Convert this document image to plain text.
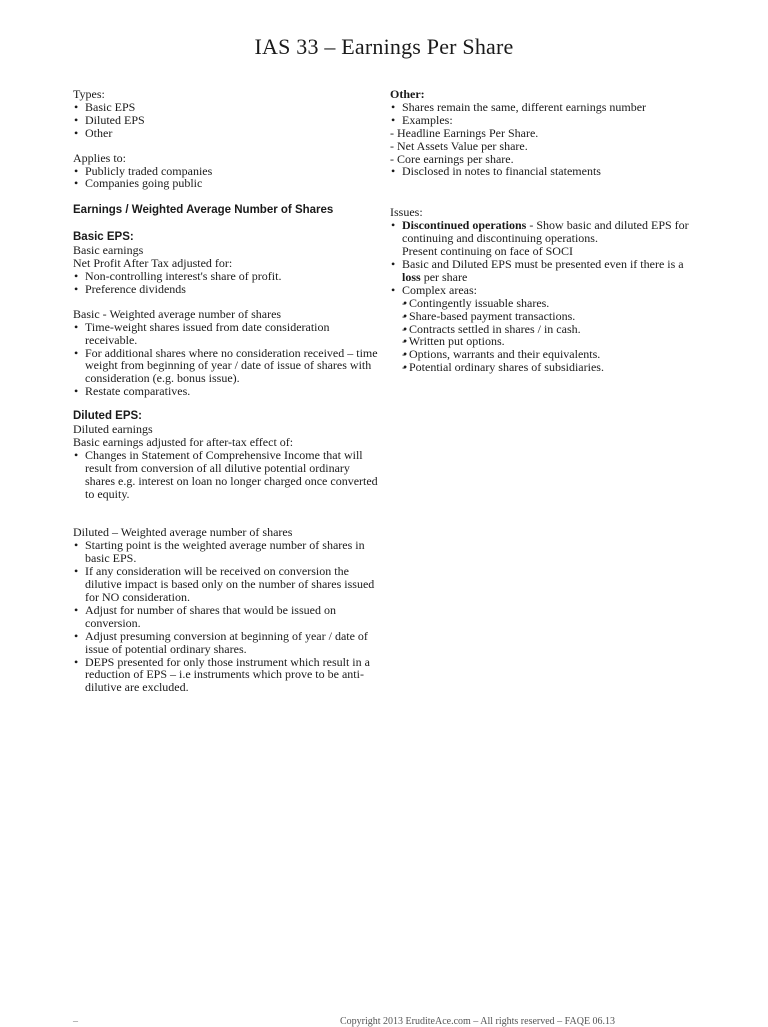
IAS 33 – Earnings Per Share
Types:
• Basic EPS
• Diluted EPS
• Other
Applies to:
• Publicly traded companies
• Companies going public
Earnings / Weighted Average Number of Shares
Basic EPS:
Basic earnings
Net Profit After Tax adjusted for:
• Non-controlling interest's share of profit.
• Preference dividends
Basic - Weighted average number of shares
• Time-weight shares issued from date consideration receivable.
• For additional shares where no consideration received – time weight from beginning of year / date of issue of shares with consideration (e.g. bonus issue).
• Restate comparatives.
Diluted EPS:
Diluted earnings
Basic earnings adjusted for after-tax effect of:
• Changes in Statement of Comprehensive Income that will result from conversion of all dilutive potential ordinary shares e.g. interest on loan no longer charged once converted to equity.
Diluted – Weighted average number of shares
• Starting point is the weighted average number of shares in basic EPS.
• If any consideration will be received on conversion the dilutive impact is based only on the number of shares issued for NO consideration.
• Adjust for number of shares that would be issued on conversion.
• Adjust presuming conversion at beginning of year / date of issue of potential ordinary shares.
• DEPS presented for only those instrument which result in a reduction of EPS – i.e instruments which prove to be anti- dilutive are excluded.
Other:
• Shares remain the same, different earnings number
• Examples:
- Headline Earnings Per Share.
- Net Assets Value per share.
- Core earnings per share.
• Disclosed in notes to financial statements
Issues:
• Discontinued operations - Show basic and diluted EPS for continuing and discontinuing operations.
Present continuing on face of SOCI
• Basic and Diluted EPS must be presented even if there is a loss per share
• Complex areas:
• - Contingently issuable shares.
• - Share-based payment transactions.
• - Contracts settled in shares / in cash.
• - Written put options.
• - Options, warrants and their equivalents.
• - Potential ordinary shares of subsidiaries.
–	Copyright 2013 EruditeAce.com – All rights reserved – FAQE 06.13
